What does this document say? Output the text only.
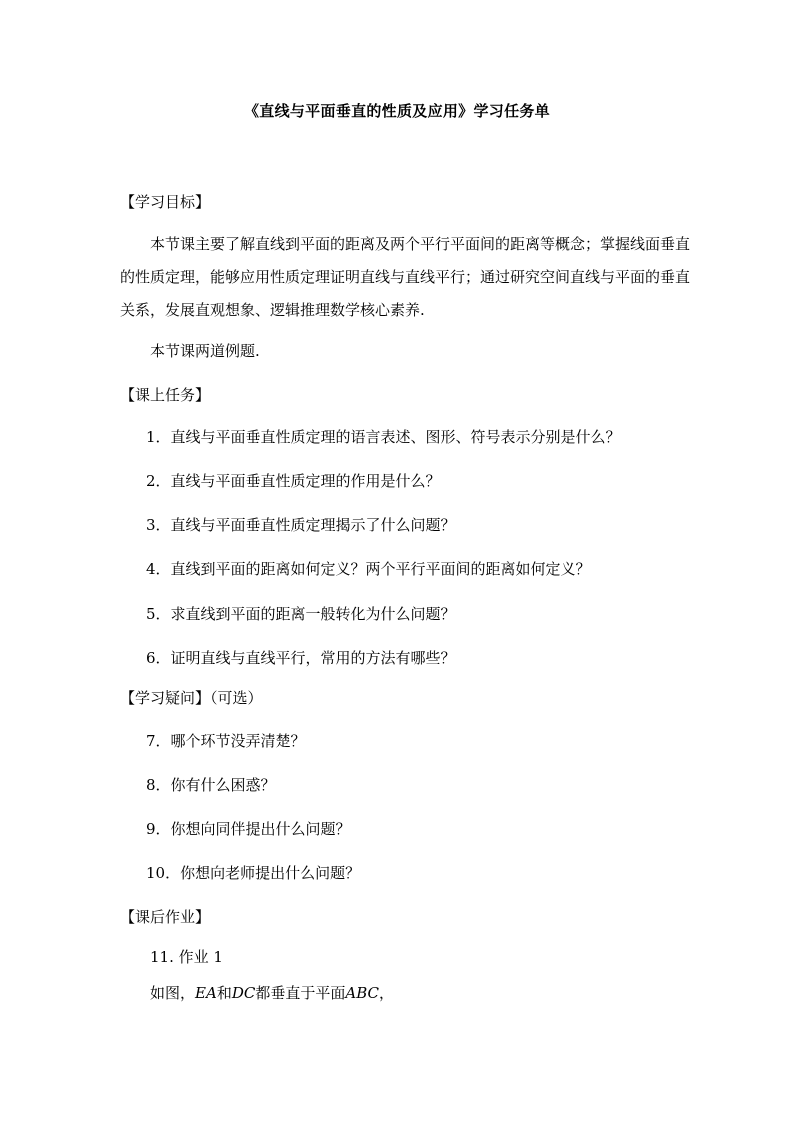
《直线与平面垂直的性质及应用》学习任务单
【学习目标】
本节课主要了解直线到平面的距离及两个平行平面间的距离等概念；掌握线面垂直的性质定理，能够应用性质定理证明直线与直线平行；通过研究空间直线与平面的垂直关系，发展直观想象、逻辑推理数学核心素养.
本节课两道例题.
【课上任务】
1．直线与平面垂直性质定理的语言表述、图形、符号表示分别是什么？
2．直线与平面垂直性质定理的作用是什么？
3．直线与平面垂直性质定理揭示了什么问题？
4．直线到平面的距离如何定义？两个平行平面间的距离如何定义？
5．求直线到平面的距离一般转化为什么问题？
6．证明直线与直线平行，常用的方法有哪些？
【学习疑问】（可选）
7．哪个环节没弄清楚？
8．你有什么困惑？
9．你想向同伴提出什么问题？
10．你想向老师提出什么问题？
【课后作业】
11. 作业 1
如图，EA和DC都垂直于平面ABC，
